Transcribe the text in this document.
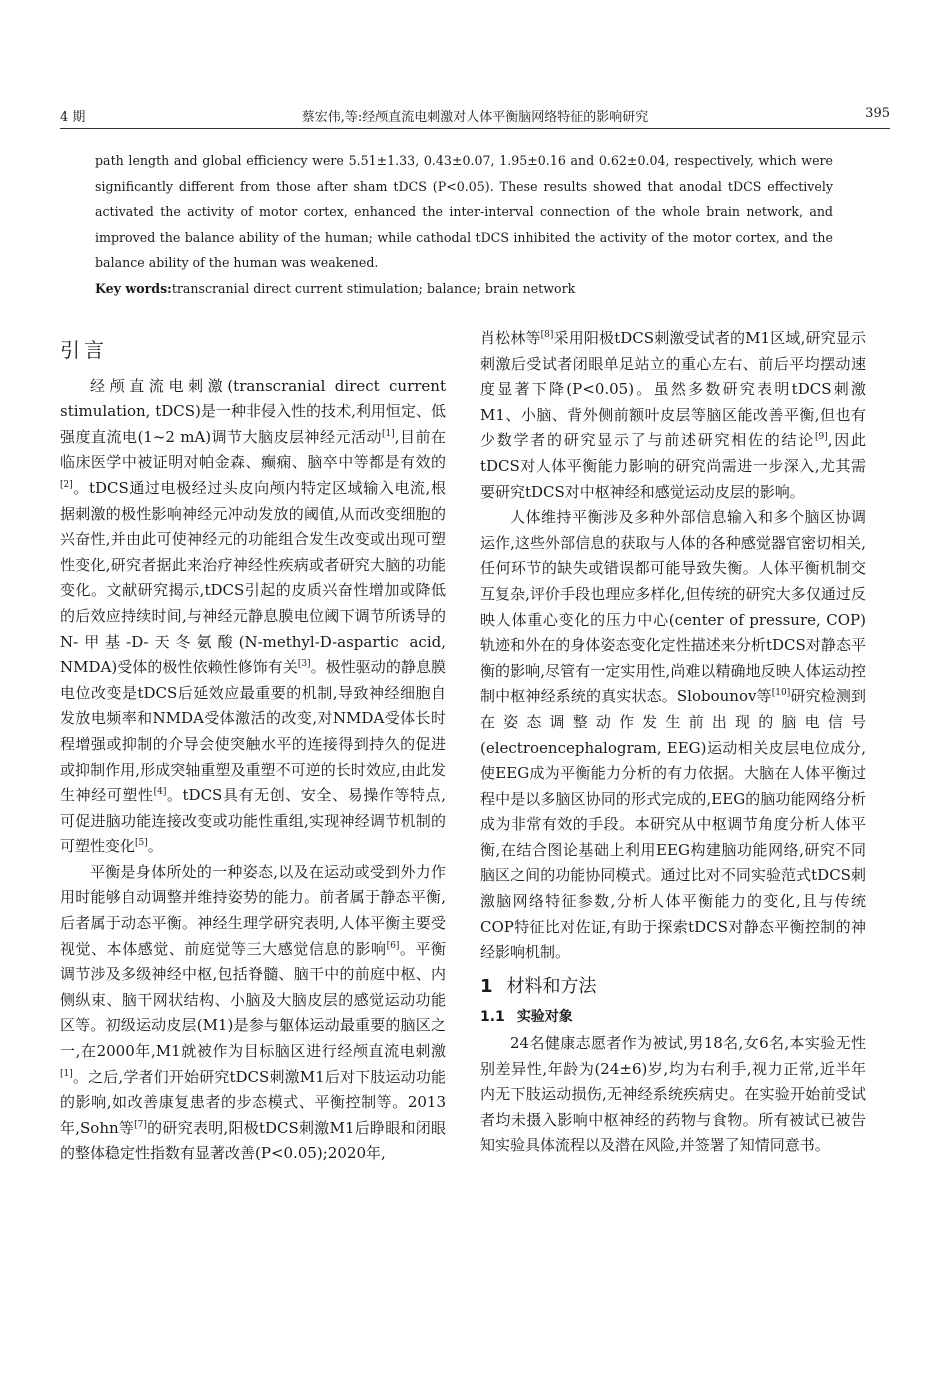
4 期	蔡宏伟,等:经颅直流电刺激对人体平衡脑网络特征的影响研究	395

path length and global efficiency were 5.51±1.33, 0.43±0.07, 1.95±0.16 and 0.62±0.04, respectively, which were significantly different from those after sham tDCS (P<0.05). These results showed that anodal tDCS effectively activated the activity of motor cortex, enhanced the inter-interval connection of the whole brain network, and improved the balance ability of the human; while cathodal tDCS inhibited the activity of the motor cortex, and the balance ability of the human was weakened.

Key words:transcranial direct current stimulation; balance; brain network

引言

经颅直流电刺激(transcranial direct current stimulation, tDCS)是一种非侵入性的技术,利用恒定、低强度直流电(1~2 mA)调节大脑皮层神经元活动[1],目前在临床医学中被证明对帕金森、癫痫、脑卒中等都是有效的[2]。tDCS通过电极经过头皮向颅内特定区域输入电流,根据刺激的极性影响神经元冲动发放的阈值,从而改变细胞的兴奋性,并由此可使神经元的功能组合发生改变或出现可塑性变化,研究者据此来治疗神经性疾病或者研究大脑的功能变化。文献研究揭示,tDCS引起的皮质兴奋性增加或降低的后效应持续时间,与神经元静息膜电位阈下调节所诱导的N-甲基-D-天冬氨酸(N-methyl-D-aspartic acid, NMDA)受体的极性依赖性修饰有关[3]。极性驱动的静息膜电位改变是tDCS后延效应最重要的机制,导致神经细胞自发放电频率和NMDA受体激活的改变,对NMDA受体长时程增强或抑制的介导会使突触水平的连接得到持久的促进或抑制作用,形成突轴重塑及重塑不可逆的长时效应,由此发生神经可塑性[4]。tDCS具有无创、安全、易操作等特点,可促进脑功能连接改变或功能性重组,实现神经调节机制的可塑性变化[5]。

平衡是身体所处的一种姿态,以及在运动或受到外力作用时能够自动调整并维持姿势的能力。前者属于静态平衡,后者属于动态平衡。神经生理学研究表明,人体平衡主要受视觉、本体感觉、前庭觉等三大感觉信息的影响[6]。平衡调节涉及多级神经中枢,包括脊髓、脑干中的前庭中枢、内侧纵束、脑干网状结构、小脑及大脑皮层的感觉运动功能区等。初级运动皮层(M1)是参与躯体运动最重要的脑区之一,在2000年,M1就被作为目标脑区进行经颅直流电刺激[1]。之后,学者们开始研究tDCS刺激M1后对下肢运动功能的影响,如改善康复患者的步态模式、平衡控制等。2013年,Sohn等[7]的研究表明,阳极tDCS刺激M1后睁眼和闭眼的整体稳定性指数有显著改善(P<0.05);2020年,

肖松林等[8]采用阳极tDCS刺激受试者的M1区域,研究显示刺激后受试者闭眼单足站立的重心左右、前后平均摆动速度显著下降(P<0.05)。虽然多数研究表明tDCS刺激M1、小脑、背外侧前额叶皮层等脑区能改善平衡,但也有少数学者的研究显示了与前述研究相佐的结论[9],因此tDCS对人体平衡能力影响的研究尚需进一步深入,尤其需要研究tDCS对中枢神经和感觉运动皮层的影响。

人体维持平衡涉及多种外部信息输入和多个脑区协调运作,这些外部信息的获取与人体的各种感觉器官密切相关,任何环节的缺失或错误都可能导致失衡。人体平衡机制交互复杂,评价手段也理应多样化,但传统的研究大多仅通过反映人体重心变化的压力中心(center of pressure, COP)轨迹和外在的身体姿态变化定性描述来分析tDCS对静态平衡的影响,尽管有一定实用性,尚难以精确地反映人体运动控制中枢神经系统的真实状态。Slobounov等[10]研究检测到在姿态调整动作发生前出现的脑电信号(electroencephalogram, EEG)运动相关皮层电位成分,使EEG成为平衡能力分析的有力依据。大脑在人体平衡过程中是以多脑区协同的形式完成的,EEG的脑功能网络分析成为非常有效的手段。本研究从中枢调节角度分析人体平衡,在结合图论基础上利用EEG构建脑功能网络,研究不同脑区之间的功能协同模式。通过比对不同实验范式tDCS刺激脑网络特征参数,分析人体平衡能力的变化,且与传统COP特征比对佐证,有助于探索tDCS对静态平衡控制的神经影响机制。

1 材料和方法
1.1 实验对象

24名健康志愿者作为被试,男18名,女6名,本实验无性别差异性,年龄为(24±6)岁,均为右利手,视力正常,近半年内无下肢运动损伤,无神经系统疾病史。在实验开始前受试者均未摄入影响中枢神经的药物与食物。所有被试已被告知实验具体流程以及潜在风险,并签署了知情同意书。
